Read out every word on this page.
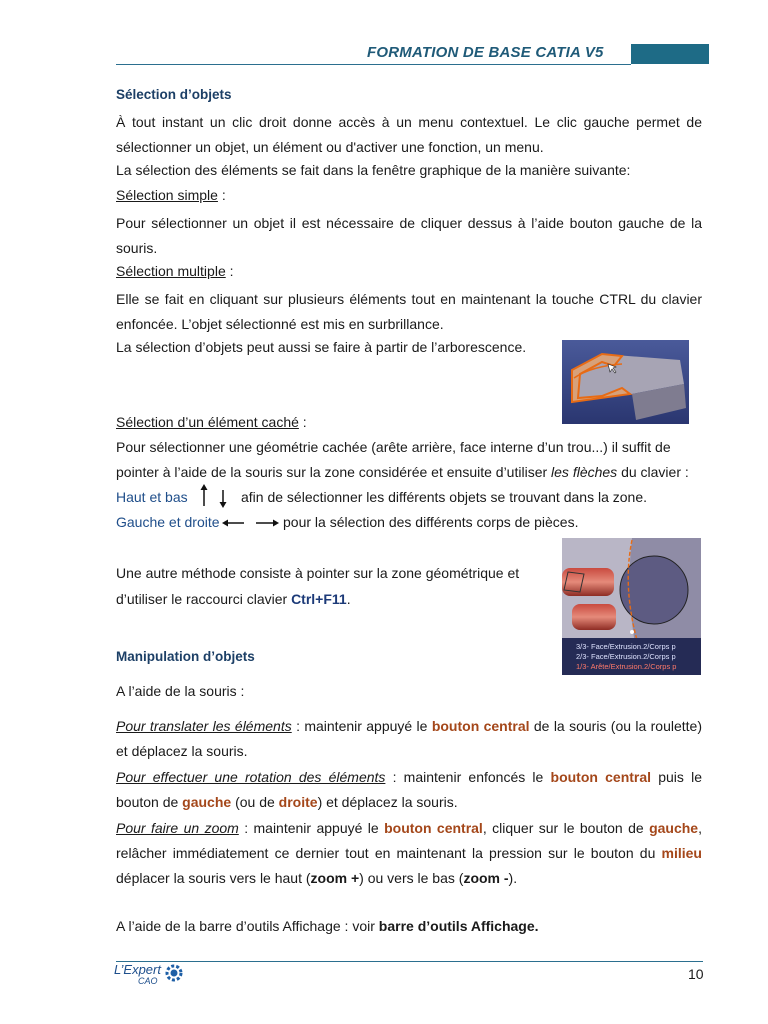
FORMATION DE BASE CATIA V5
Sélection d’objets
À tout instant un clic droit donne accès à un menu contextuel. Le clic gauche permet de sélectionner un objet, un élément ou d'activer une fonction, un menu.
La sélection des éléments se fait dans la fenêtre graphique de la manière suivante:
Sélection simple :
Pour sélectionner un objet il est nécessaire de cliquer dessus à l’aide bouton gauche de la souris.
Sélection multiple :
Elle se fait en cliquant sur plusieurs éléments tout en maintenant la touche CTRL du clavier enfoncée. L’objet sélectionné est mis en surbrillance.
La sélection d’objets peut aussi se faire à partir de l’arborescence.
Sélection d’un élément caché :
Pour sélectionner une géométrie cachée (arête arrière, face interne d’un trou...) il suffit de
pointer à l’aide de la souris sur la zone considérée et ensuite d’utiliser les flèches du clavier :
Haut et bas	afin de sélectionner les différents objets se trouvant dans la zone.
Gauche et droite	pour la sélection des différents corps de pièces.
Une autre méthode consiste à pointer sur la zone géométrique et
d’utiliser le raccourci clavier Ctrl+F11.
3/3- Face/Extrusion.2/Corps p
2/3- Face/Extrusion.2/Corps p
1/3- Arête/Extrusion.2/Corps p
Manipulation d’objets
A l’aide de la souris :
Pour translater les éléments : maintenir appuyé le bouton central de la souris (ou la roulette) et déplacez la souris.
Pour effectuer une rotation des éléments : maintenir enfoncés le bouton central puis le bouton de gauche (ou de droite) et déplacez la souris.
Pour faire un zoom : maintenir appuyé le bouton central, cliquer sur le bouton de gauche, relâcher immédiatement ce dernier tout en maintenant la pression sur le bouton du milieu déplacer la souris vers le haut (zoom +) ou vers le bas (zoom -).
A l’aide de la barre d’outils Affichage : voir barre d’outils Affichage.
L’Expert
CAO	10
